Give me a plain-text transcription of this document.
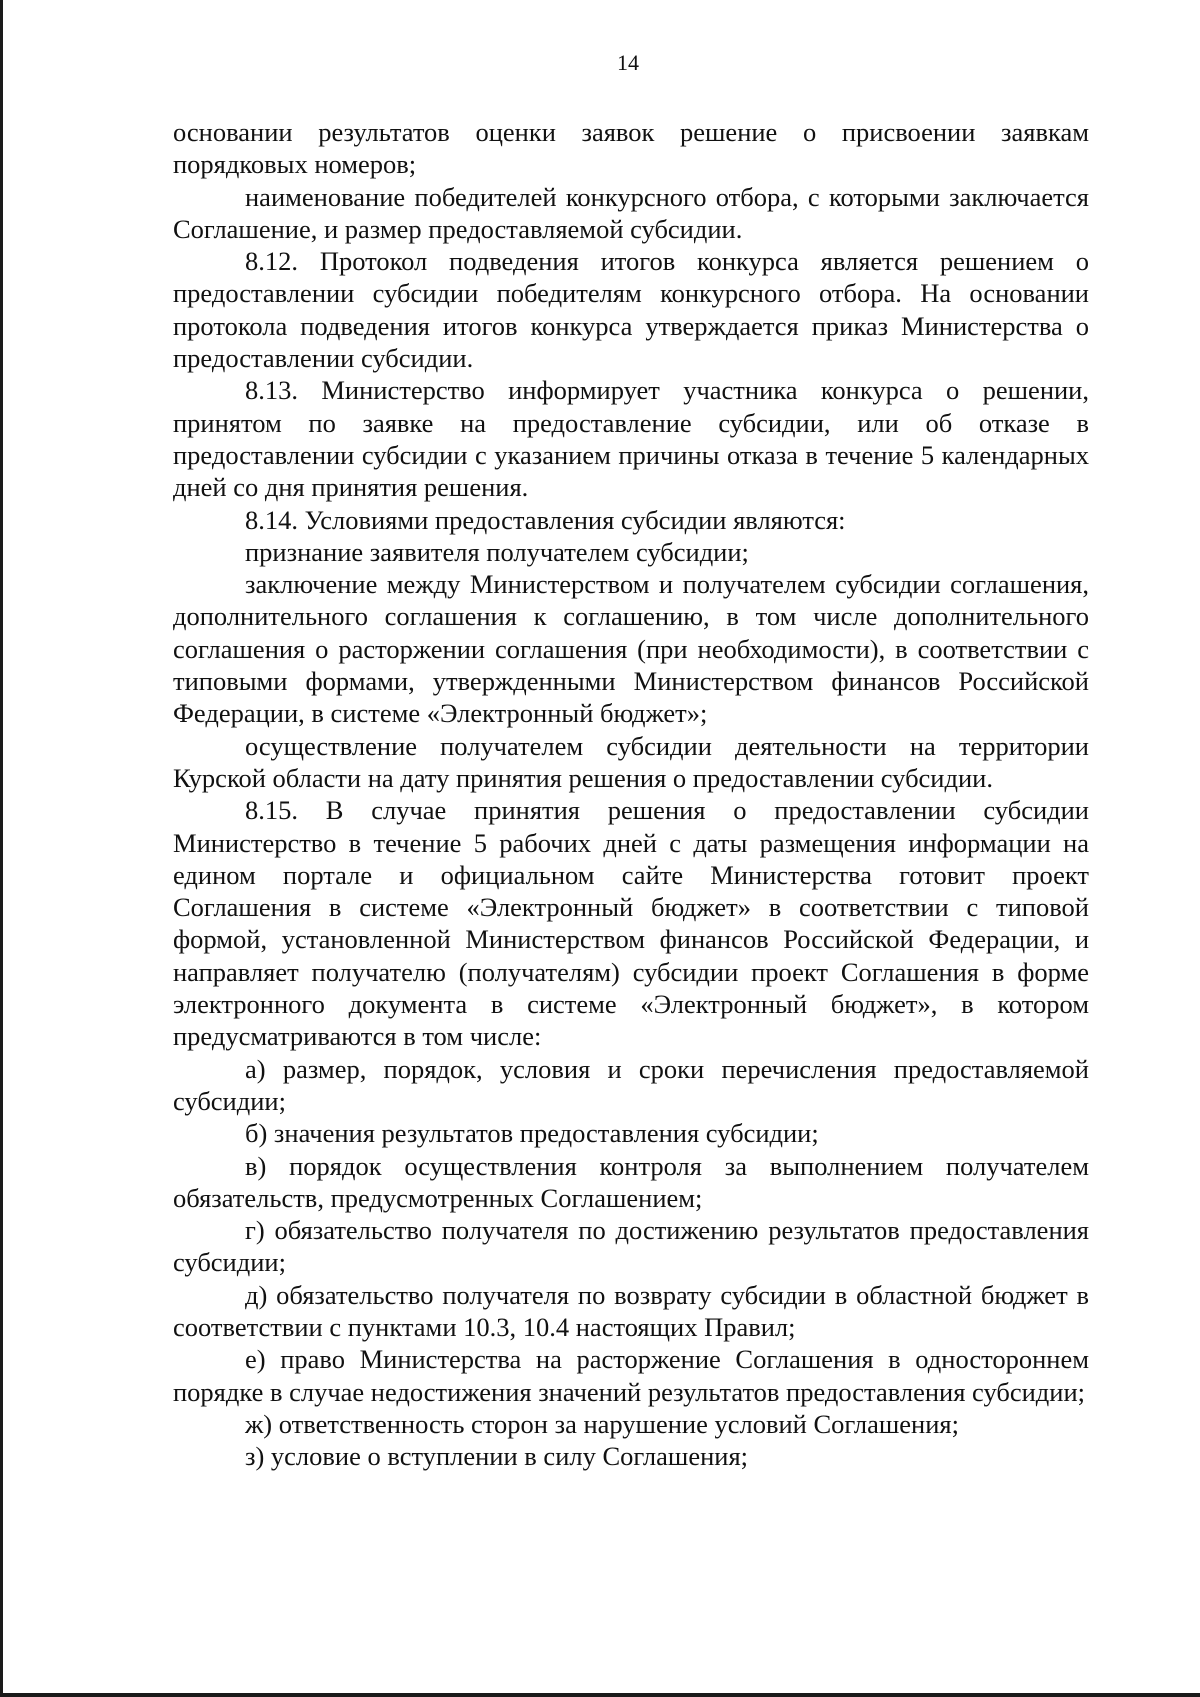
14

основании результатов оценки заявок решение о присвоении заявкам порядковых номеров;

наименование победителей конкурсного отбора, с которыми заключается Соглашение, и размер предоставляемой субсидии.

8.12. Протокол подведения итогов конкурса является решением о предоставлении субсидии победителям конкурсного отбора. На основании протокола подведения итогов конкурса утверждается приказ Министерства о предоставлении субсидии.

8.13. Министерство информирует участника конкурса о решении, принятом по заявке на предоставление субсидии, или об отказе в предоставлении субсидии с указанием причины отказа в течение 5 календарных дней со дня принятия решения.

8.14. Условиями предоставления субсидии являются:

признание заявителя получателем субсидии;

заключение между Министерством и получателем субсидии соглашения, дополнительного соглашения к соглашению, в том числе дополнительного соглашения о расторжении соглашения (при необходимости), в соответствии с типовыми формами, утвержденными Министерством финансов Российской Федерации, в системе «Электронный бюджет»;

осуществление получателем субсидии деятельности на территории Курской области на дату принятия решения о предоставлении субсидии.

8.15. В случае принятия решения о предоставлении субсидии Министерство в течение 5 рабочих дней с даты размещения информации на едином портале и официальном сайте Министерства готовит проект Соглашения в системе «Электронный бюджет» в соответствии с типовой формой, установленной Министерством финансов Российской Федерации, и направляет получателю (получателям) субсидии проект Соглашения в форме электронного документа в системе «Электронный бюджет», в котором предусматриваются в том числе:

а) размер, порядок, условия и сроки перечисления предоставляемой субсидии;

б) значения результатов предоставления субсидии;

в) порядок осуществления контроля за выполнением получателем обязательств, предусмотренных Соглашением;

г) обязательство получателя по достижению результатов предоставления субсидии;

д) обязательство получателя по возврату субсидии в областной бюджет в соответствии с пунктами 10.3, 10.4 настоящих Правил;

е) право Министерства на расторжение Соглашения в одностороннем порядке в случае недостижения значений результатов предоставления субсидии;

ж) ответственность сторон за нарушение условий Соглашения;

з) условие о вступлении в силу Соглашения;
